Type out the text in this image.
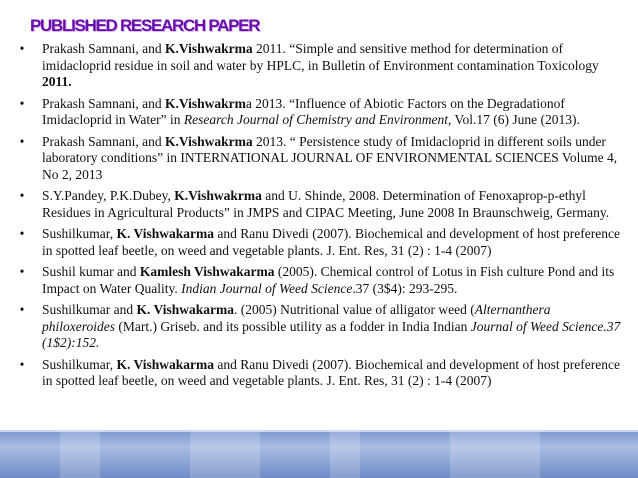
PUBLISHED RESEARCH PAPER
• Prakash Samnani, and K.Vishwakrma 2011. “Simple and sensitive method for determination of imidacloprid residue in soil and water by HPLC, in Bulletin of Environment contamination Toxicology 2011.
• Prakash Samnani, and K.Vishwakrma 2013. “Influence of Abiotic Factors on the Degradationof Imidacloprid in Water” in Research Journal of Chemistry and Environment, Vol.17 (6) June (2013).
• Prakash Samnani, and K.Vishwakrma 2013. “ Persistence study of Imidacloprid in different soils under laboratory conditions” in INTERNATIONAL JOURNAL OF ENVIRONMENTAL SCIENCES Volume 4, No 2, 2013
• S.Y.Pandey, P.K.Dubey, K.Vishwakrma and U. Shinde, 2008. Determination of Fenoxaprop-p-ethyl Residues in Agricultural Products” in JMPS and CIPAC Meeting, June 2008 In Braunschweig, Germany.
• Sushilkumar, K. Vishwakarma and Ranu Divedi (2007). Biochemical and development of host preference in spotted leaf beetle, on weed and vegetable plants. J. Ent. Res, 31 (2) : 1-4 (2007)
• Sushil kumar and Kamlesh Vishwakarma (2005). Chemical control of Lotus in Fish culture Pond and its Impact on Water Quality. Indian Journal of Weed Science.37 (3$4): 293-295.
• Sushilkumar and K. Vishwakarma. (2005) Nutritional value of alligator weed (Alternanthera philoxeroides (Mart.) Griseb. and its possible utility as a fodder in India Indian Journal of Weed Science.37 (1$2):152.
• Sushilkumar, K. Vishwakarma and Ranu Divedi (2007). Biochemical and development of host preference in spotted leaf beetle, on weed and vegetable plants. J. Ent. Res, 31 (2) : 1-4 (2007)
